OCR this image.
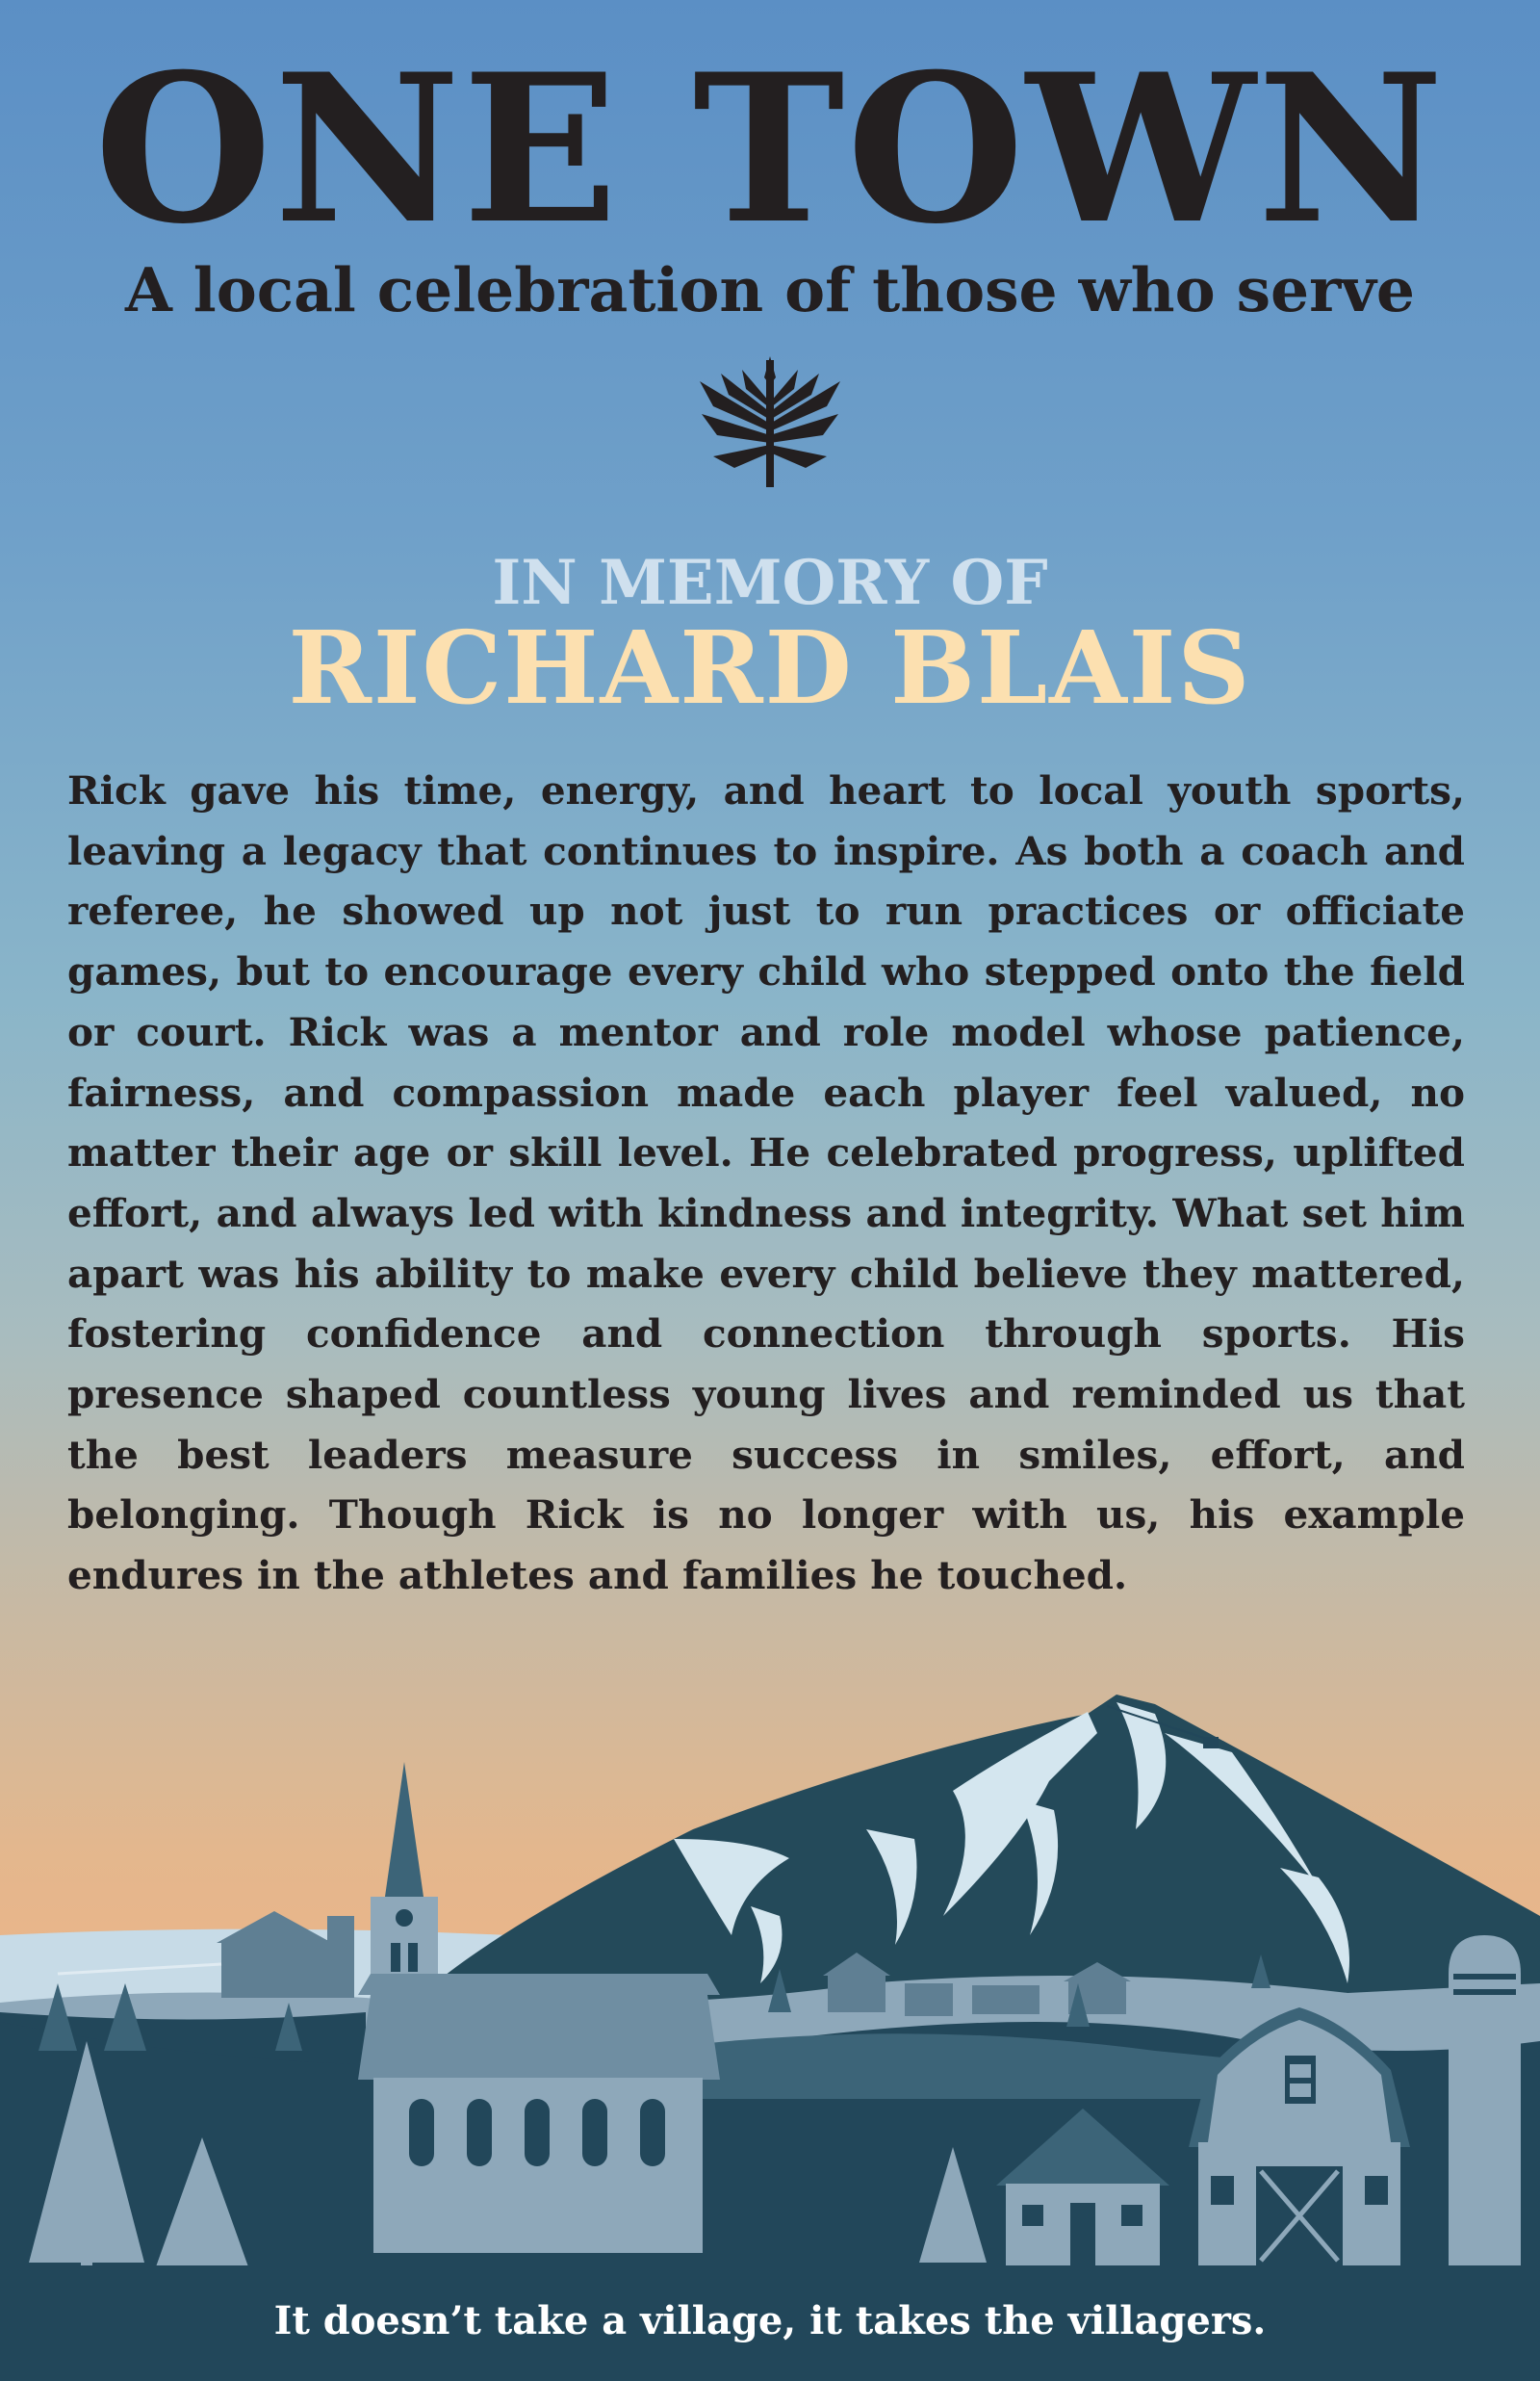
ONE TOWN
A local celebration of those who serve
IN MEMORY OF
RICHARD BLAIS

Rick gave his time, energy, and heart to local youth sports, leaving a legacy that continues to inspire. As both a coach and referee, he showed up not just to run practices or officiate games, but to encourage every child who stepped onto the field or court. Rick was a mentor and role model whose patience, fairness, and compassion made each player feel valued, no matter their age or skill level. He celebrated progress, uplifted effort, and always led with kindness and integrity. What set him apart was his ability to make every child believe they mattered, fostering confidence and connection through sports. His presence shaped countless young lives and reminded us that the best leaders measure success in smiles, effort, and belonging. Though Rick is no longer with us, his example endures in the athletes and families he touched.

It doesn’t take a village, it takes the villagers.
